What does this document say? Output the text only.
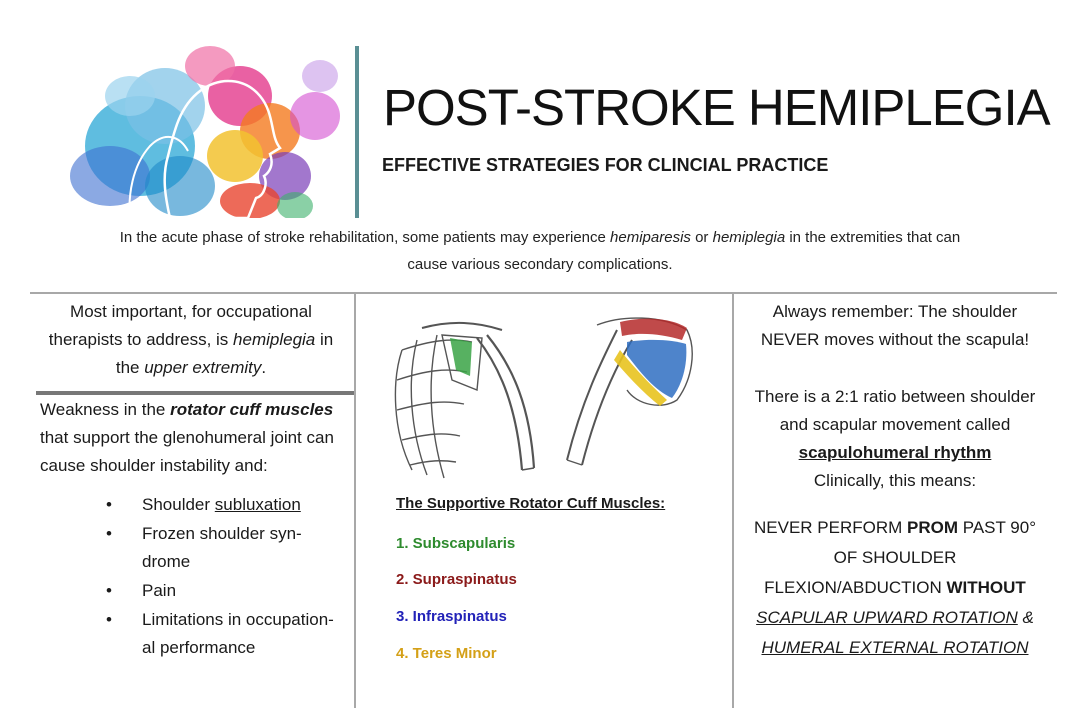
POST-STROKE HEMIPLEGIA
EFFECTIVE STRATEGIES FOR CLINCIAL PRACTICE
In the acute phase of stroke rehabilitation, some patients may experience hemiparesis or hemiplegia in the extremities that can
cause various secondary complications.
Most important, for occupational therapists to address, is hemiplegia in the upper extremity.
Weakness in the rotator cuff muscles that support the glenohumeral joint can cause shoulder instability and:
• Shoulder subluxation
• Frozen shoulder syn-drome
• Pain
• Limitations in occupation-al performance
The Supportive Rotator Cuff Muscles:
1. Subscapularis
2. Supraspinatus
3. Infraspinatus
4. Teres Minor
Always remember: The shoulder NEVER moves without the scapula!
There is a 2:1 ratio between shoulder and scapular movement called
scapulohumeral rhythm
Clinically, this means:
NEVER PERFORM PROM PAST 90°
OF SHOULDER
FLEXION/ABDUCTION WITHOUT
SCAPULAR UPWARD ROTATION &
HUMERAL EXTERNAL ROTATION
